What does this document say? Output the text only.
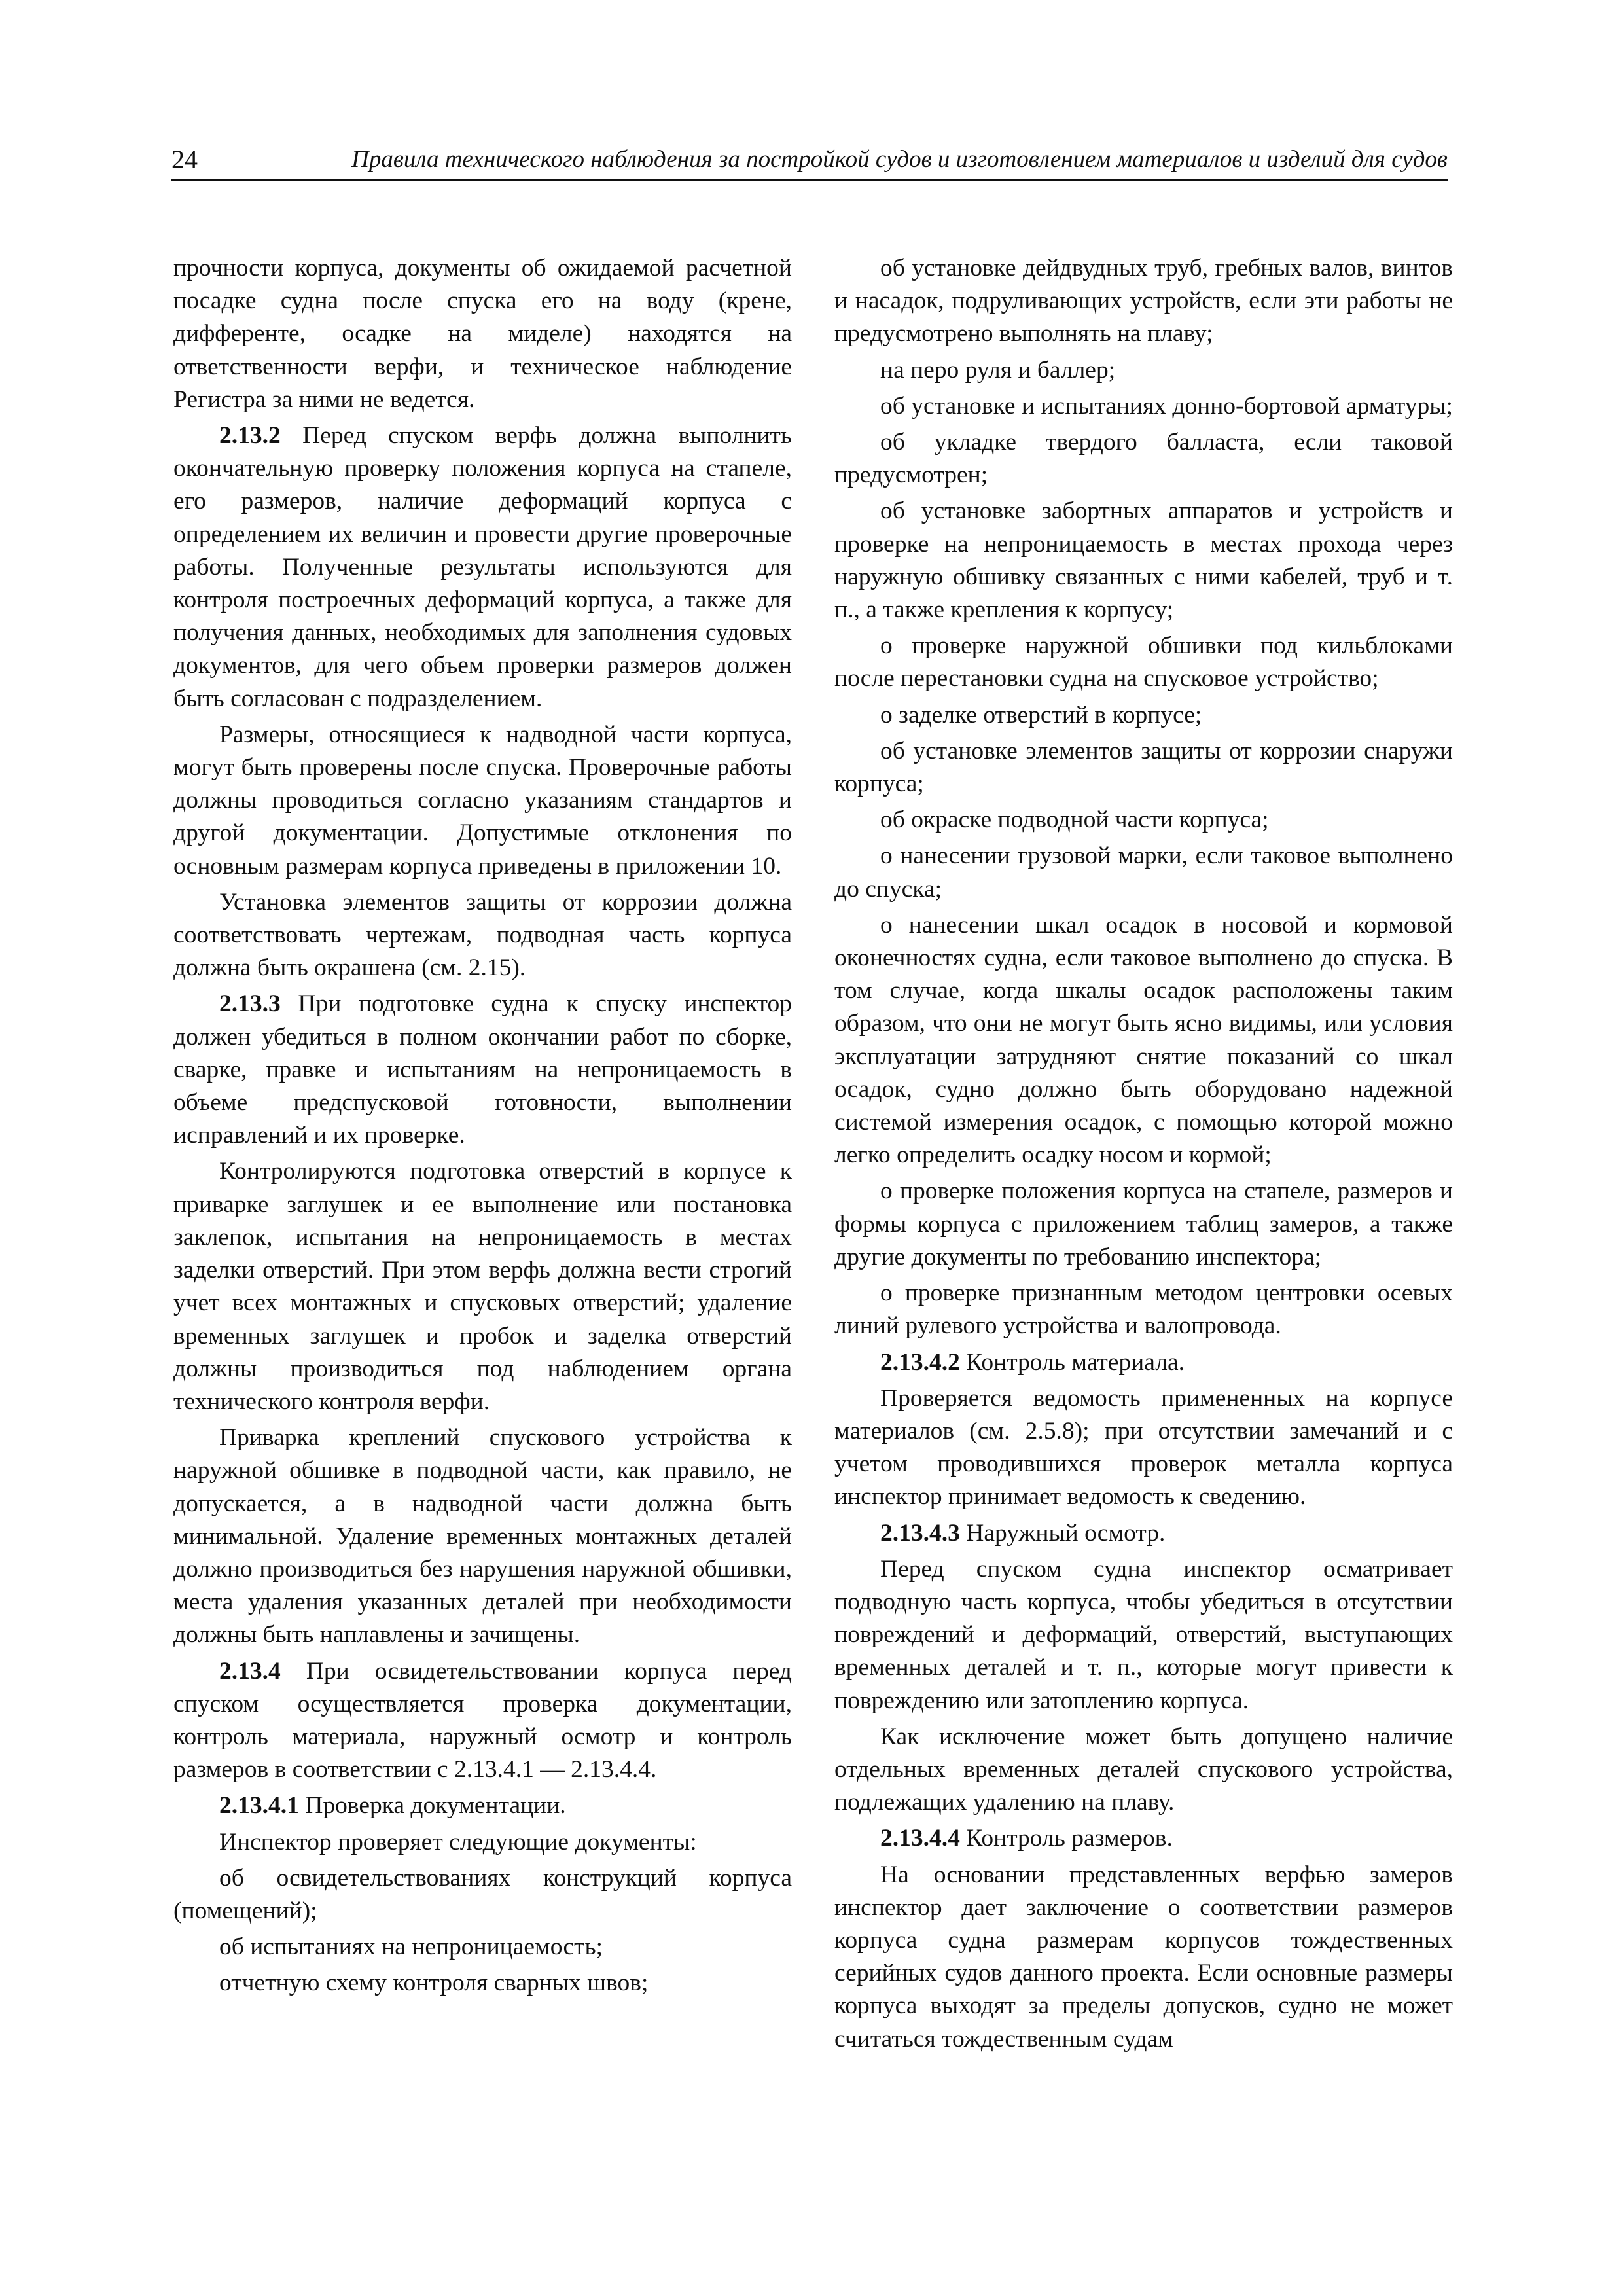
24	Правила технического наблюдения за постройкой судов и изготовлением материалов и изделий для судов

прочности корпуса, документы об ожидаемой расчетной посадке судна после спуска его на воду (крене, дифференте, осадке на миделе) находятся на ответственности верфи, и техническое наблюдение Регистра за ними не ведется.

2.13.2 Перед спуском верфь должна выполнить окончательную проверку положения корпуса на стапеле, его размеров, наличие деформаций корпуса с определением их величин и провести другие проверочные работы. Полученные результаты используются для контроля построечных деформаций корпуса, а также для получения данных, необходимых для заполнения судовых документов, для чего объем проверки размеров должен быть согласован с подразделением.

Размеры, относящиеся к надводной части корпуса, могут быть проверены после спуска. Проверочные работы должны проводиться согласно указаниям стандартов и другой документации. Допустимые отклонения по основным размерам корпуса приведены в приложении 10.

Установка элементов защиты от коррозии должна соответствовать чертежам, подводная часть корпуса должна быть окрашена (см. 2.15).

2.13.3 При подготовке судна к спуску инспектор должен убедиться в полном окончании работ по сборке, сварке, правке и испытаниям на непроницаемость в объеме предспусковой готовности, выполнении исправлений и их проверке.

Контролируются подготовка отверстий в корпусе к приварке заглушек и ее выполнение или постановка заклепок, испытания на непроницаемость в местах заделки отверстий. При этом верфь должна вести строгий учет всех монтажных и спусковых отверстий; удаление временных заглушек и пробок и заделка отверстий должны производиться под наблюдением органа технического контроля верфи.

Приварка креплений спускового устройства к наружной обшивке в подводной части, как правило, не допускается, а в надводной части должна быть минимальной. Удаление временных монтажных деталей должно производиться без нарушения наружной обшивки, места удаления указанных деталей при необходимости должны быть наплавлены и зачищены.

2.13.4 При освидетельствовании корпуса перед спуском осуществляется проверка документации, контроль материала, наружный осмотр и контроль размеров в соответствии с 2.13.4.1 — 2.13.4.4.

2.13.4.1 Проверка документации.

Инспектор проверяет следующие документы:

об освидетельствованиях конструкций корпуса (помещений);

об испытаниях на непроницаемость;

отчетную схему контроля сварных швов;

об установке дейдвудных труб, гребных валов, винтов и насадок, подруливающих устройств, если эти работы не предусмотрено выполнять на плаву;

на перо руля и баллер;

об установке и испытаниях донно-бортовой арматуры;

об укладке твердого балласта, если таковой предусмотрен;

об установке забортных аппаратов и устройств и проверке на непроницаемость в местах прохода через наружную обшивку связанных с ними кабелей, труб и т. п., а также крепления к корпусу;

о проверке наружной обшивки под кильблоками после перестановки судна на спусковое устройство;

о заделке отверстий в корпусе;

об установке элементов защиты от коррозии снаружи корпуса;

об окраске подводной части корпуса;

о нанесении грузовой марки, если таковое выполнено до спуска;

о нанесении шкал осадок в носовой и кормовой оконечностях судна, если таковое выполнено до спуска. В том случае, когда шкалы осадок расположены таким образом, что они не могут быть ясно видимы, или условия эксплуатации затрудняют снятие показаний со шкал осадок, судно должно быть оборудовано надежной системой измерения осадок, с помощью которой можно легко определить осадку носом и кормой;

о проверке положения корпуса на стапеле, размеров и формы корпуса с приложением таблиц замеров, а также другие документы по требованию инспектора;

о проверке признанным методом центровки осевых линий рулевого устройства и валопровода.

2.13.4.2 Контроль материала.

Проверяется ведомость примененных на корпусе материалов (см. 2.5.8); при отсутствии замечаний и с учетом проводившихся проверок металла корпуса инспектор принимает ведомость к сведению.

2.13.4.3 Наружный осмотр.

Перед спуском судна инспектор осматривает подводную часть корпуса, чтобы убедиться в отсутствии повреждений и деформаций, отверстий, выступающих временных деталей и т. п., которые могут привести к повреждению или затоплению корпуса.

Как исключение может быть допущено наличие отдельных временных деталей спускового устройства, подлежащих удалению на плаву.

2.13.4.4 Контроль размеров.

На основании представленных верфью замеров инспектор дает заключение о соответствии размеров корпуса судна размерам корпусов тождественных серийных судов данного проекта. Если основные размеры корпуса выходят за пределы допусков, судно не может считаться тождественным судам
